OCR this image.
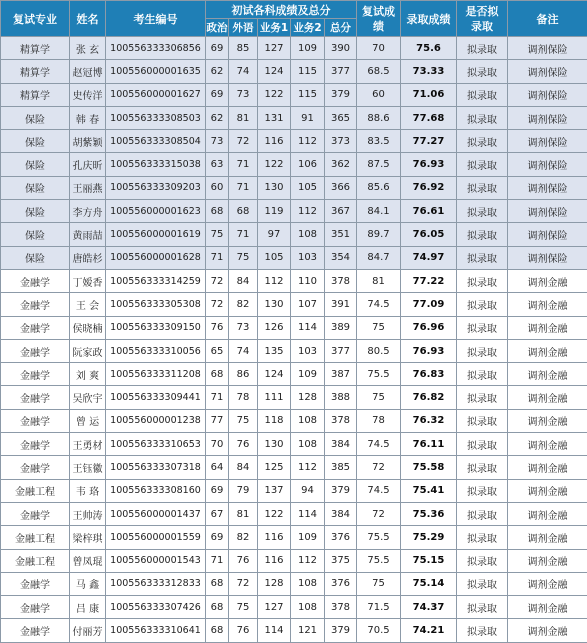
复试专业	姓名	考生编号	初试各科成绩及总分					复试成绩	录取成绩	是否拟录取	备注
			政治	外语	业务1	业务2	总分				
精算学	张 玄	100556333306856	69	85	127	109	390	70	75.6	拟录取	调剂保险
精算学	赵冠博	100556000001635	62	74	124	115	377	68.5	73.33	拟录取	调剂保险
精算学	史传洋	100556000001627	69	73	122	115	379	60	71.06	拟录取	调剂保险
保险	韩 春	100556333308503	62	81	131	91	365	88.6	77.68	拟录取	调剂保险
保险	胡紫颖	100556333308504	73	72	116	112	373	83.5	77.27	拟录取	调剂保险
保险	孔庆昕	100556333315038	63	71	122	106	362	87.5	76.93	拟录取	调剂保险
保险	王丽燕	100556333309203	60	71	130	105	366	85.6	76.92	拟录取	调剂保险
保险	李方舟	100556000001623	68	68	119	112	367	84.1	76.61	拟录取	调剂保险
保险	黄雨喆	100556000001619	75	71	97	108	351	89.7	76.05	拟录取	调剂保险
保险	唐皓杉	100556000001628	71	75	105	103	354	84.7	74.97	拟录取	调剂保险
金融学	丁嫒香	100556333314259	72	84	112	110	378	81	77.22	拟录取	调剂金融
金融学	王 会	100556333305308	72	82	130	107	391	74.5	77.09	拟录取	调剂金融
金融学	侯晓楠	100556333309150	76	73	126	114	389	75	76.96	拟录取	调剂金融
金融学	阮家政	100556333310056	65	74	135	103	377	80.5	76.93	拟录取	调剂金融
金融学	刘 爽	100556333311208	68	86	124	109	387	75.5	76.83	拟录取	调剂金融
金融学	吴欣宇	100556333309441	71	78	111	128	388	75	76.82	拟录取	调剂金融
金融学	曾 运	100556000001238	77	75	118	108	378	78	76.32	拟录取	调剂金融
金融学	王勇材	100556333310653	70	76	130	108	384	74.5	76.11	拟录取	调剂金融
金融学	王钰徽	100556333307318	64	84	125	112	385	72	75.58	拟录取	调剂金融
金融工程	韦 珞	100556333308160	69	79	137	94	379	74.5	75.41	拟录取	调剂金融
金融学	王帅涛	100556000001437	67	81	122	114	384	72	75.36	拟录取	调剂金融
金融工程	梁梓琪	100556000001559	69	82	116	109	376	75.5	75.29	拟录取	调剂金融
金融工程	曾凤琨	100556000001543	71	76	116	112	375	75.5	75.15	拟录取	调剂金融
金融学	马 鑫	100556333312833	68	72	128	108	376	75	75.14	拟录取	调剂金融
金融学	吕 康	100556333307426	68	75	127	108	378	71.5	74.37	拟录取	调剂金融
金融学	付丽芳	100556333310641	68	76	114	121	379	70.5	74.21	拟录取	调剂金融
